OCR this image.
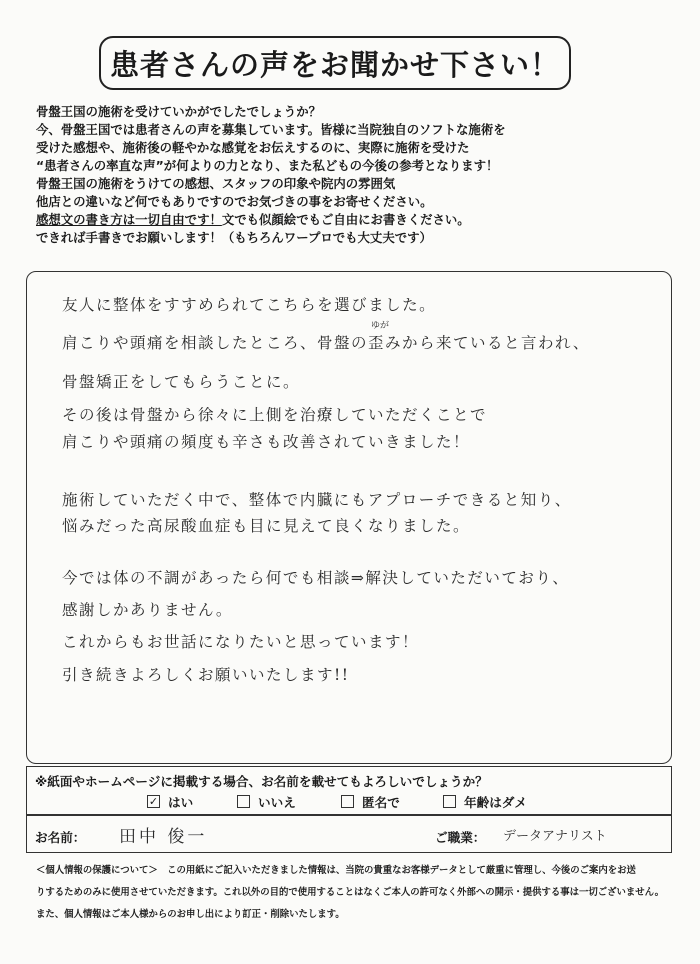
患者さんの声をお聞かせ下さい！
骨盤王国の施術を受けていかがでしたでしょうか？
今、骨盤王国では患者さんの声を募集しています。皆様に当院独自のソフトな施術を
受けた感想や、施術後の軽やかな感覚をお伝えするのに、実際に施術を受けた
“患者さんの率直な声”が何よりの力となり、また私どもの今後の参考となります！
骨盤王国の施術をうけての感想、スタッフの印象や院内の雰囲気
他店との違いなど何でもありですのでお気づきの事をお寄せください。
感想文の書き方は一切自由です！文でも似顔絵でもご自由にお書きください。
できれば手書きでお願いします！（もちろんワープロでも大丈夫です）
友人に整体をすすめられてこちらを選びました。
ゆが
肩こりや頭痛を相談したところ、骨盤の歪みから来ていると言われ、
骨盤矯正をしてもらうことに。
その後は骨盤から徐々に上側を治療していただくことで
肩こりや頭痛の頻度も辛さも改善されていきました！
施術していただく中で、整体で内臓にもアプローチできると知り、
悩みだった高尿酸血症も目に見えて良くなりました。
今では体の不調があったら何でも相談⇒解決していただいており、
感謝しかありません。
これからもお世話になりたいと思っています！
引き続きよろしくお願いいたします!!
※紙面やホームページに掲載する場合、お名前を載せてもよろしいでしょうか？
✓ はい	いいえ	匿名で	年齢はダメ
お名前： 田中 俊一	ご職業： データアナリスト
＜個人情報の保護について＞　この用紙にご記入いただきました情報は、当院の貴重なお客様データとして厳重に管理し、今後のご案内をお送
りするためのみに使用させていただきます。これ以外の目的で使用することはなくご本人の許可なく外部への開示・提供する事は一切ございません。
また、個人情報はご本人様からのお申し出により訂正・削除いたします。
